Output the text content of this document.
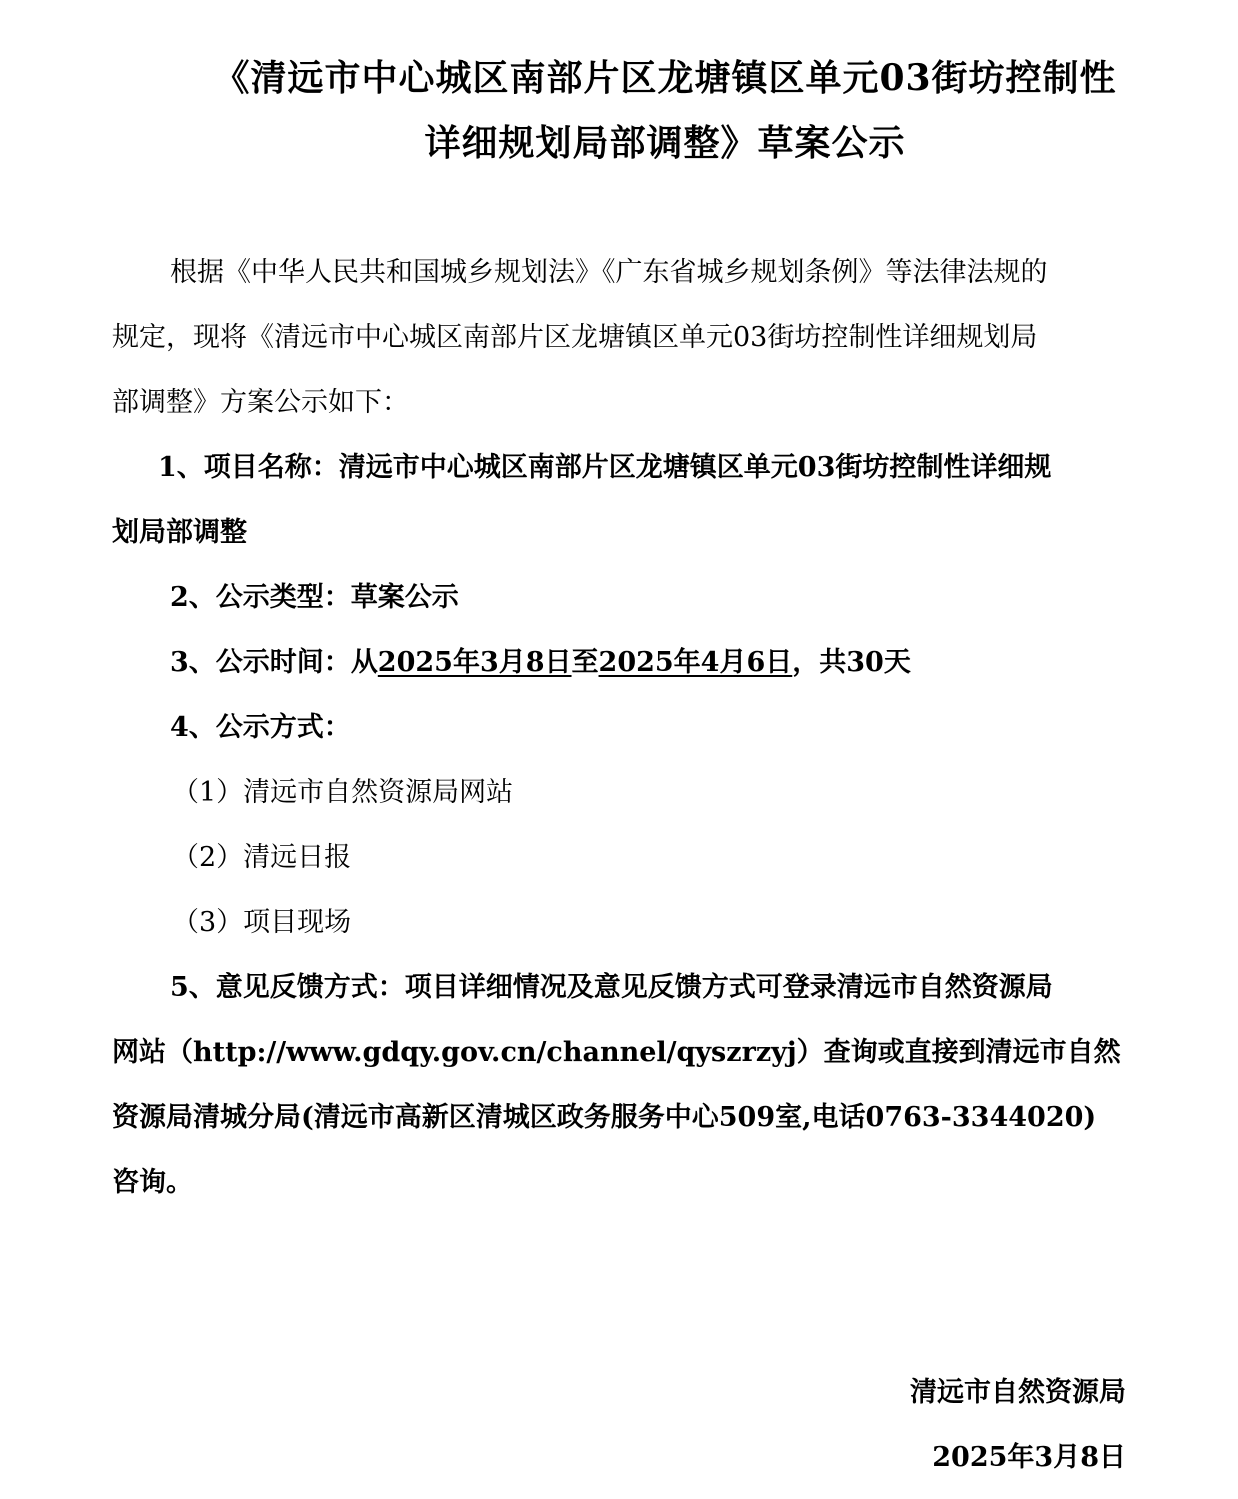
《清远市中心城区南部片区龙塘镇区单元03街坊控制性
详细规划局部调整》草案公示
根据《中华人民共和国城乡规划法》《广东省城乡规划条例》等法律法规的
规定，现将《清远市中心城区南部片区龙塘镇区单元03街坊控制性详细规划局
部调整》方案公示如下：
1、项目名称：清远市中心城区南部片区龙塘镇区单元03街坊控制性详细规
划局部调整
2、公示类型：草案公示
3、公示时间：从2025年3月8日至2025年4月6日，共30天
4、公示方式：
（1）清远市自然资源局网站
（2）清远日报
（3）项目现场
5、意见反馈方式：项目详细情况及意见反馈方式可登录清远市自然资源局
网站（http://www.gdqy.gov.cn/channel/qyszrzyj）查询或直接到清远市自然
资源局清城分局(清远市高新区清城区政务服务中心509室,电话0763-3344020)
咨询。
清远市自然资源局
2025年3月8日
